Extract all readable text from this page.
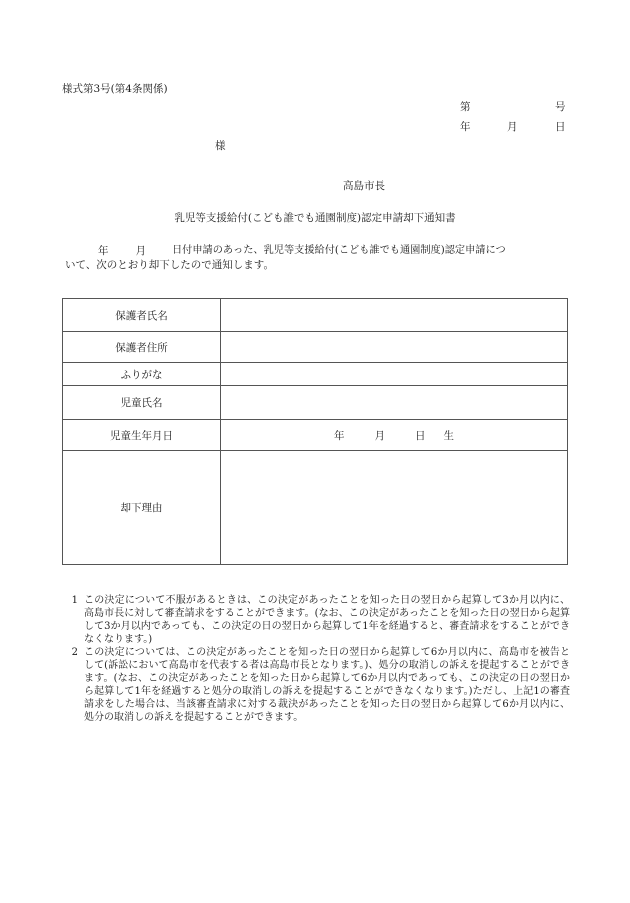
様式第3号(第4条関係)
第	号
年	月	日
様
高島市長
乳児等支援給付(こども誰でも通園制度)認定申請却下通知書
年	月	日付申請のあった、乳児等支援給付(こども誰でも通園制度)認定申請につ
いて、次のとおり却下したので通知します。
保護者氏名	
保護者住所	
ふりがな	
児童氏名	
児童生年月日	年 月 日 生

却下理由	
1 この決定について不服があるときは、この決定があったことを知った日の翌日から起算して3か月以内に、高島市長に対して審査請求をすることができます。(なお、この決定があったことを知った日の翌日から起算して3か月以内であっても、この決定の日の翌日から起算して1年を経過すると、審査請求をすることができなくなります。)
2 この決定については、この決定があったことを知った日の翌日から起算して6か月以内に、高島市を被告として(訴訟において高島市を代表する者は高島市長となります。)、処分の取消しの訴えを提起することができます。(なお、この決定があったことを知った日から起算して6か月以内であっても、この決定の日の翌日から起算して1年を経過すると処分の取消しの訴えを提起することができなくなります。)ただし、上記1の審査請求をした場合は、当該審査請求に対する裁決があったことを知った日の翌日から起算して6か月以内に、処分の取消しの訴えを提起することができます。
